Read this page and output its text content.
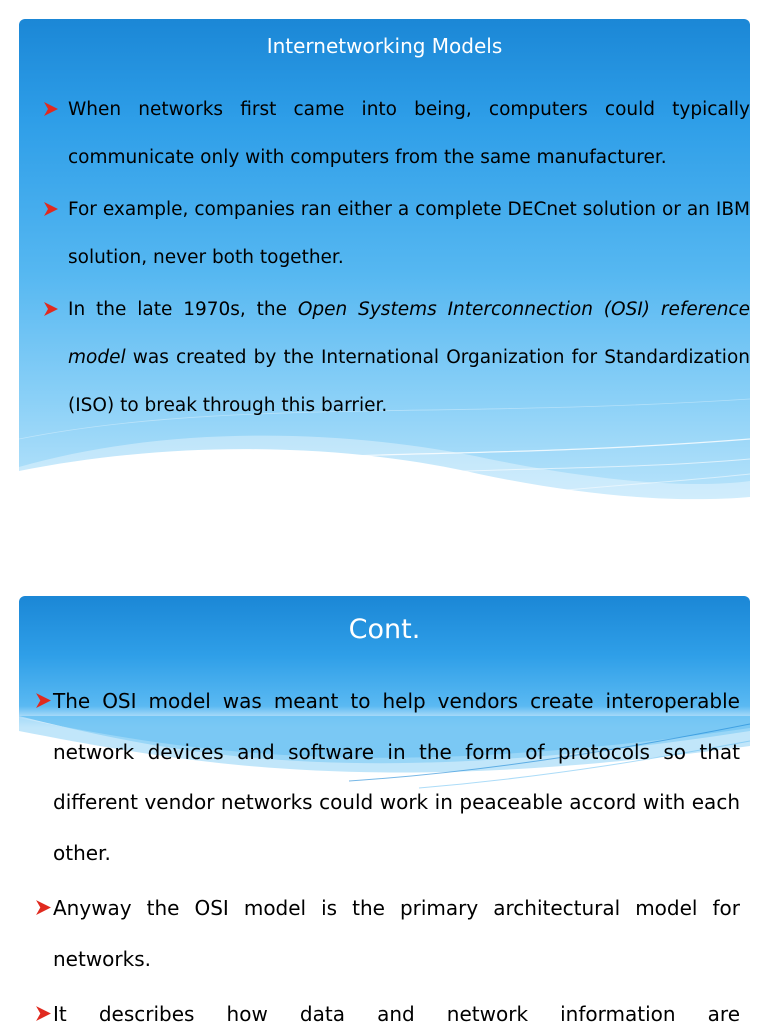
Internetworking Models
When networks first came into being, computers could typically communicate only with computers from the same manufacturer.
For example, companies ran either a complete DECnet solution or an IBM solution, never both together.
In the late 1970s, the Open Systems Interconnection (OSI) reference model was created by the International Organization for Standardization (ISO) to break through this barrier.
Cont.
The OSI model was meant to help vendors create interoperable network devices and software in the form of protocols so that different vendor networks could work in peaceable accord with each other.
Anyway the OSI model is the primary architectural model for networks.
It describes how data and network information are
